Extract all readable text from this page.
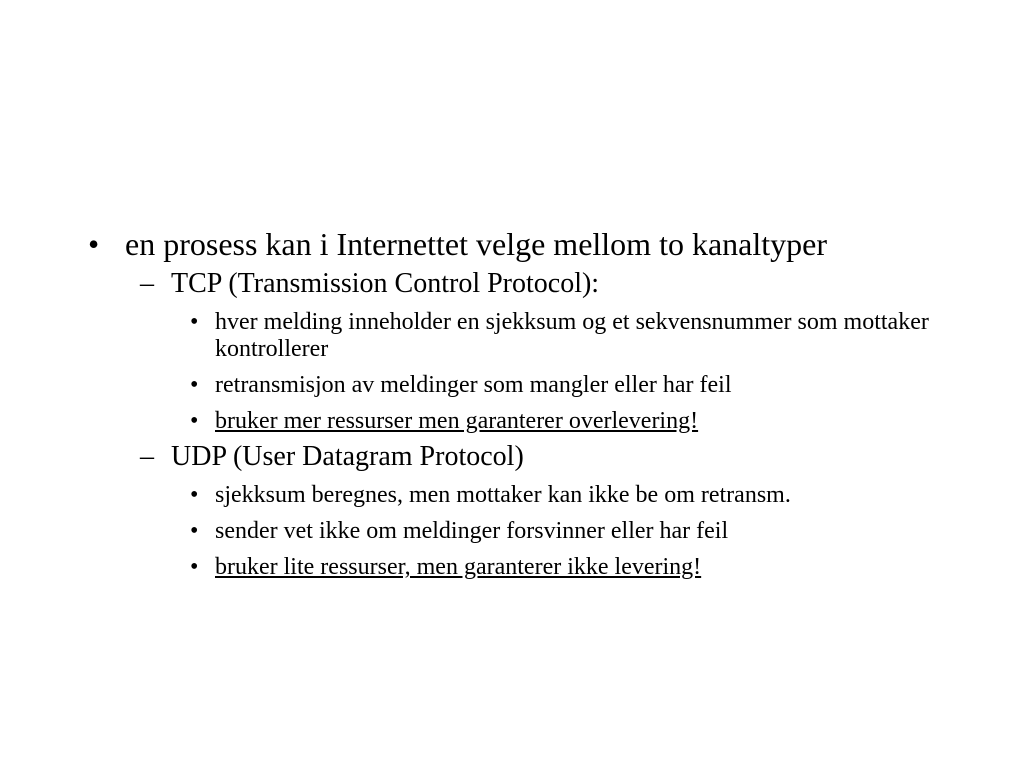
• en prosess kan i Internettet velge mellom to kanaltyper
– TCP (Transmission Control Protocol):
• hver melding inneholder en sjekksum og et sekvensnummer som mottaker kontrollerer
• retransmisjon av meldinger som mangler eller har feil
• bruker mer ressurser men garanterer overlevering!
– UDP (User Datagram Protocol)
• sjekksum beregnes, men mottaker kan ikke be om retransm.
• sender vet ikke om meldinger forsvinner eller har feil
• bruker lite ressurser, men garanterer ikke levering!
